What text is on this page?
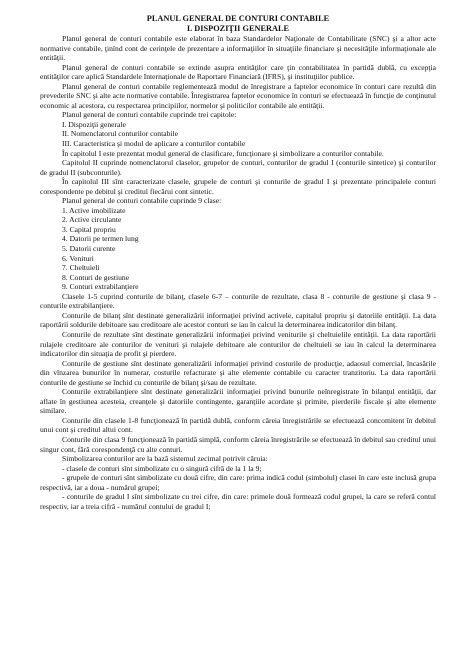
PLANUL GENERAL DE CONTURI CONTABILE

I. DISPOZIŢII GENERALE

Planul general de conturi contabile este elaborat în baza Standardelor Naţionale de Contabilitate (SNC) şi a altor acte normative contabile, ţinînd cont de cerinţele de prezentare a informaţiilor în situaţiile financiare şi necesităţile informaţionale ale entităţii.

Planul general de conturi contabile se extinde asupra entităţilor care ţin contabilitatea în partidă dublă, cu excepţia entităţilor care aplică Standardele Internaţionale de Raportare Financiară (IFRS), şi instituţiilor publice.

Planul general de conturi contabile reglementează modul de înregistrare a faptelor economice în conturi care rezultă din prevederile SNC şi alte acte normative contabile. Înregistrarea faptelor economice în conturi se efectuează în funcţie de conţinutul economic al acestora, cu respectarea principiilor, normelor şi politicilor contabile ale entităţii.

Planul general de conturi contabile cuprinde trei capitole:

I. Dispoziţii generale
II. Nomenclatorul conturilor contabile
III. Caracteristica şi modul de aplicare a conturilor contabile

În capitolul I este prezentat modul general de clasificare, funcţionare şi simbolizare a conturilor contabile.

Capitolul II cuprinde nomenclatorul claselor, grupelor de conturi, conturilor de gradul I (conturile sintetice) şi conturilor de gradul II (subconturile).

În capitolul III sînt caracterizate clasele, grupele de conturi şi conturile de gradul I şi prezentate principalele conturi corespondente pe debitul şi creditul fiecărui cont sintetic.

Planul general de conturi contabile cuprinde 9 clase:

1. Active imobilizate
2. Active circulante
3. Capital propriu
4. Datorii pe termen lung
5. Datorii curente
6. Venituri
7. Cheltuieli
8. Conturi de gestiune
9. Conturi extrabilanţiere

Clasele 1-5 cuprind conturile de bilanţ, clasele 6-7 – conturile de rezultate, clasa 8 - conturile de gestiune şi clasa 9 - conturile extrabilanţiere.

Conturile de bilanţ sînt destinate generalizării informaţiei privind activele, capitalul propriu şi datoriile entităţii. La data raportării soldurile debitoare sau creditoare ale acestor conturi se iau în calcul la determinarea indicatorilor din bilanţ.

Conturile de rezultate sînt destinate generalizării informaţiei privind veniturile şi cheltuielile entităţii. La data raportării rulajele creditoare ale conturilor de venituri şi rulajele debitoare ale conturilor de cheltuieli se iau în calcul la determinarea indicatorilor din situaţia de profit şi pierdere.

Conturile de gestiune sînt destinate generalizării informaţiei privind costurile de producţie, adaosul comercial, încasările din vînzarea bunurilor în numerar, costurile refacturate şi alte elemente contabile cu caracter tranzitoriu. La data raportării conturile de gestiune se închid cu conturile de bilanţ şi/sau de rezultate.

Conturile extrabilanţiere sînt destinate generalizării informaţiei privind bunurile neînregistrate în bilanţul entităţii, dar aflate în gestiunea acesteia, creanţele şi datoriile contingente, garanţiile acordate şi primite, pierderile fiscale şi alte elemente similare.

Conturile din clasele 1-8 funcţionează în partidă dublă, conform căreia înregistrările se efectuează concomitent în debitul unui cont şi creditul altui cont.

Conturile din clasa 9 funcţionează în partidă simplă, conform căreia înregistrările se efectuează în debitul sau creditul unui singur cont, fără corespondenţă cu alte conturi.

Simbolizarea conturilor are la bază sistemul zecimal potrivit căruia:

- clasele de conturi sînt simbolizate cu o singură cifră de la 1 la 9;

- grupele de conturi sînt simbolizate cu două cifre, din care: prima indică codul (simbolul) clasei în care este inclusă grupa respectivă, iar a doua - numărul grupei;

- conturile de gradul I sînt simbolizate cu trei cifre, din care: primele două formează codul grupei, la care se referă contul respectiv, iar a treia cifră - numărul contului de gradul I;
